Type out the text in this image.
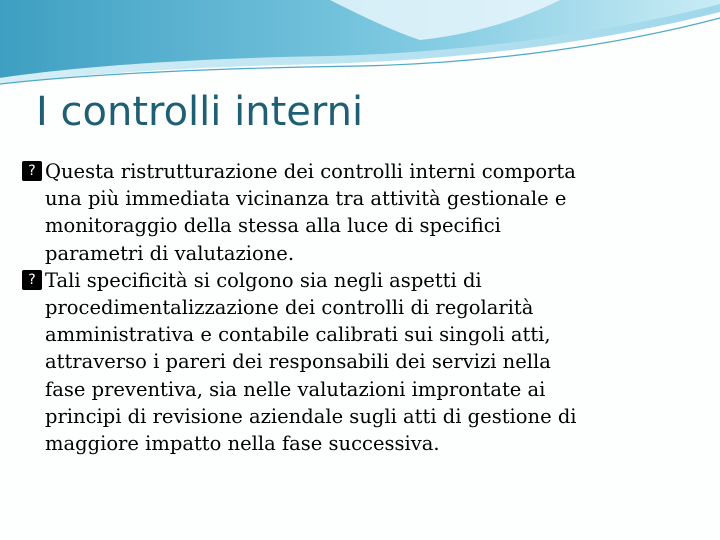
I controlli interni
? Questa ristrutturazione dei controlli interni comporta
una più immediata vicinanza tra attività gestionale e
monitoraggio della stessa alla luce di specifici
parametri di valutazione.
? Tali specificità si colgono sia negli aspetti di
procedimentalizzazione dei controlli di regolarità
amministrativa e contabile calibrati sui singoli atti,
attraverso i pareri dei responsabili dei servizi nella
fase preventiva, sia nelle valutazioni improntate ai
principi di revisione aziendale sugli atti di gestione di
maggiore impatto nella fase successiva.
